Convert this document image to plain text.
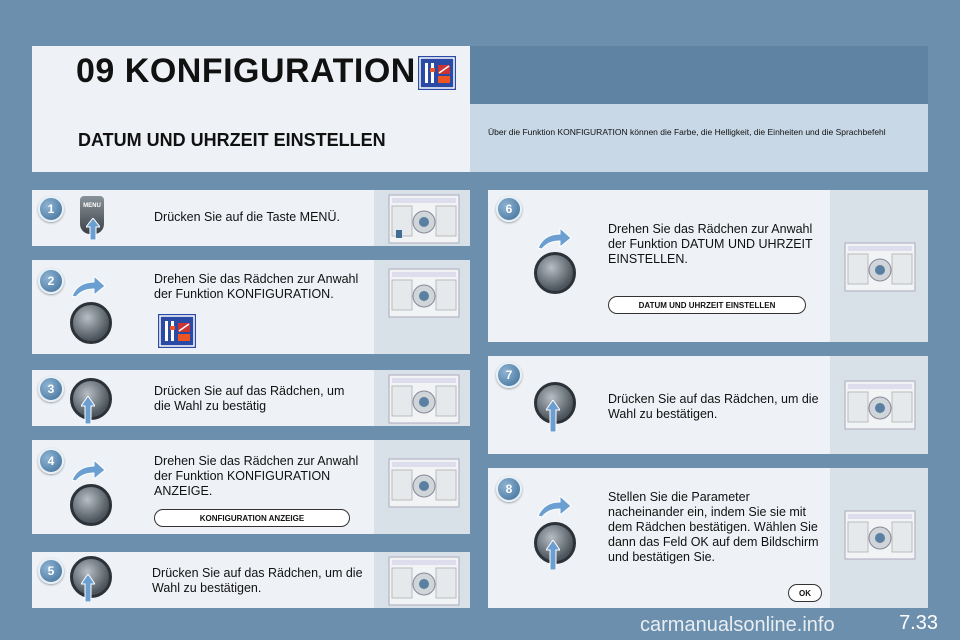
09 KONFIGURATION
DATUM UND UHRZEIT EINSTELLEN	Über die Funktion KONFIGURATION können die Farbe, die Helligkeit, die Einheiten und die Sprachbefehl
1
2
3
4
5
6
7
8
MENU
Drücken Sie auf die Taste MENÜ.
Drehen Sie das Rädchen zur Anwahl der Funktion KONFIGURATION.
Drücken Sie auf das Rädchen, um die Wahl zu bestätig
Drehen Sie das Rädchen zur Anwahl der Funktion KONFIGURATION ANZEIGE.
KONFIGURATION ANZEIGE
Drücken Sie auf das Rädchen, um die Wahl zu bestätigen.
Drehen Sie das Rädchen zur Anwahl der Funktion DATUM UND UHRZEIT EINSTELLEN.
DATUM UND UHRZEIT EINSTELLEN
Drücken Sie auf das Rädchen, um die Wahl zu bestätigen.
Stellen Sie die Parameter nacheinander ein, indem Sie sie mit dem Rädchen bestätigen. Wählen Sie dann das Feld OK auf dem Bildschirm und bestätigen Sie.
OK
carmanualsonline.info	7.33
